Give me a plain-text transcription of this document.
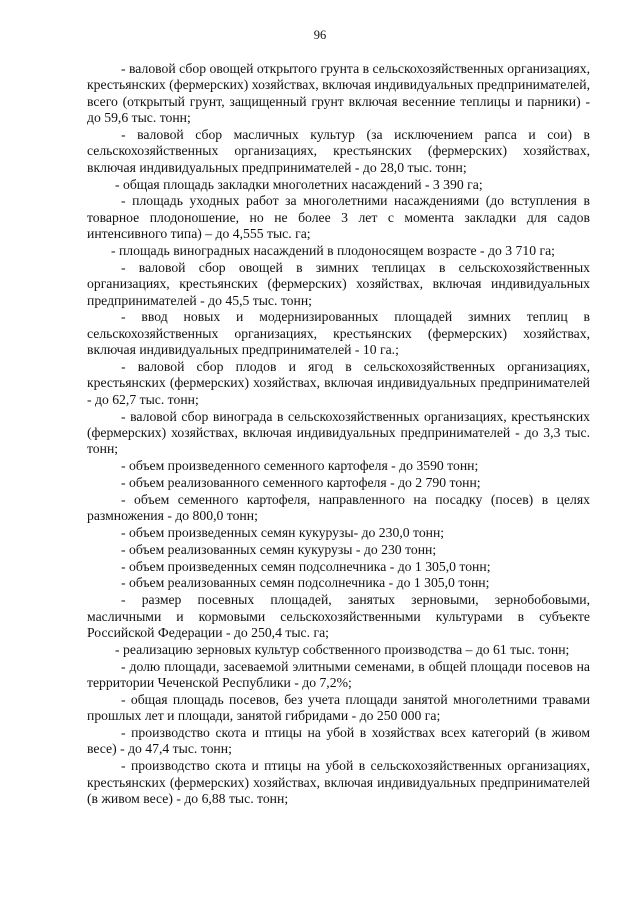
96

- валовой сбор овощей открытого грунта в сельскохозяйственных организациях, крестьянских (фермерских) хозяйствах, включая индивидуальных предпринимателей, всего (открытый грунт, защищенный грунт включая весенние теплицы и парники) - до 59,6 тыс. тонн;

- валовой сбор масличных культур (за исключением рапса и сои) в сельскохозяйственных организациях, крестьянских (фермерских) хозяйствах, включая индивидуальных предпринимателей - до 28,0 тыс. тонн;

- общая площадь закладки многолетних насаждений - 3 390 га;

- площадь уходных работ за многолетними насаждениями (до вступления в товарное плодоношение, но не более 3 лет с момента закладки для садов интенсивного типа) – до 4,555 тыс. га;

- площадь виноградных насаждений в плодоносящем возрасте - до 3 710 га;

- валовой сбор овощей в зимних теплицах в сельскохозяйственных организациях, крестьянских (фермерских) хозяйствах, включая индивидуальных предпринимателей - до 45,5 тыс. тонн;

- ввод новых и модернизированных площадей зимних теплиц в сельскохозяйственных организациях, крестьянских (фермерских) хозяйствах, включая индивидуальных предпринимателей - 10 га.;

- валовой сбор плодов и ягод в сельскохозяйственных организациях, крестьянских (фермерских) хозяйствах, включая индивидуальных предпринимателей - до 62,7 тыс. тонн;

- валовой сбор винограда в сельскохозяйственных организациях, крестьянских (фермерских) хозяйствах, включая индивидуальных предпринимателей - до 3,3 тыс. тонн;

- объем произведенного семенного картофеля - до 3590 тонн;

- объем реализованного семенного картофеля - до 2 790 тонн;

- объем семенного картофеля, направленного на посадку (посев) в целях размножения - до 800,0 тонн;

- объем произведенных семян кукурузы- до 230,0 тонн;

- объем реализованных семян кукурузы - до 230 тонн;

- объем произведенных семян подсолнечника - до 1 305,0 тонн;

- объем реализованных семян подсолнечника - до 1 305,0 тонн;

- размер посевных площадей, занятых зерновыми, зернобобовыми, масличными и кормовыми сельскохозяйственными культурами в субъекте Российской Федерации - до 250,4 тыс. га;

- реализацию зерновых культур собственного производства – до 61 тыс. тонн;

- долю площади, засеваемой элитными семенами, в общей площади посевов на территории Чеченской Республики - до 7,2%;

- общая площадь посевов, без учета площади занятой многолетними травами прошлых лет и площади, занятой гибридами - до 250 000 га;

- производство скота и птицы на убой в хозяйствах всех категорий (в живом весе) - до 47,4 тыс. тонн;

- производство скота и птицы на убой в сельскохозяйственных организациях, крестьянских (фермерских) хозяйствах, включая индивидуальных предпринимателей (в живом весе) - до 6,88 тыс. тонн;
